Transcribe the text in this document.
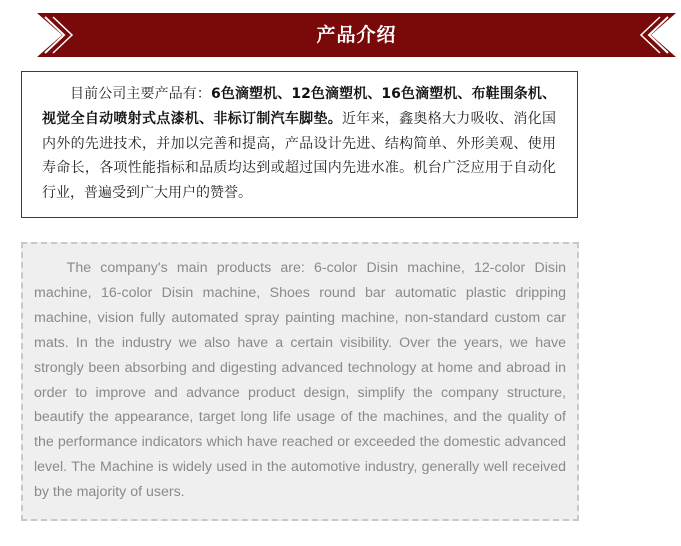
产品介绍

目前公司主要产品有：6色滴塑机、12色滴塑机、16色滴塑机、布鞋围条机、视觉全自动喷射式点漆机、非标订制汽车脚垫。近年来，鑫奥格大力吸收、消化国内外的先进技术，并加以完善和提高，产品设计先进、结构简单、外形美观、使用寿命长，各项性能指标和品质均达到或超过国内先进水准。机台广泛应用于自动化行业，普遍受到广大用户的赞誉。

The company's main products are: 6-color Disin machine, 12-color Disin machine, 16-color Disin machine, Shoes round bar automatic plastic dripping machine, vision fully automated spray painting machine, non-standard custom car mats. In the industry we also have a certain visibility. Over the years, we have strongly been absorbing and digesting advanced technology at home and abroad in order to improve and advance product design, simplify the company structure, beautify the appearance, target long life usage of the machines, and the quality of the performance indicators which have reached or exceeded the domestic advanced level. The Machine is widely used in the automotive industry, generally well received by the majority of users.
